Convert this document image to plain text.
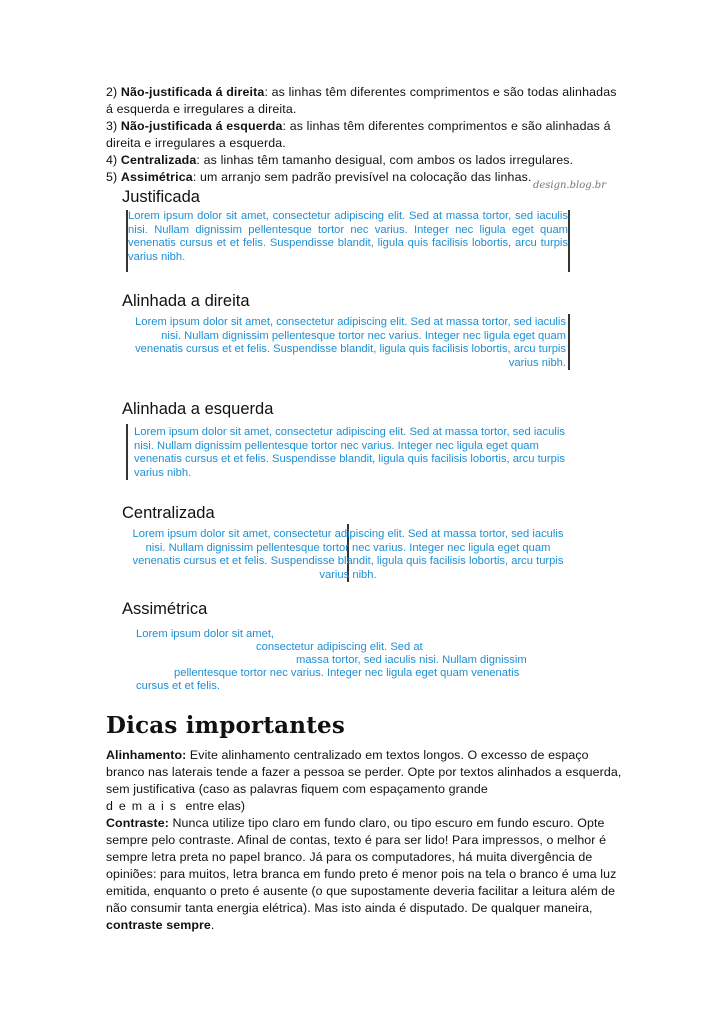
2) Não-justificada á direita: as linhas têm diferentes comprimentos e são todas alinhadas á esquerda e irregulares a direita.

3) Não-justificada á esquerda: as linhas têm diferentes comprimentos e são alinhadas á direita e irregulares a esquerda.

4) Centralizada: as linhas têm tamanho desigual, com ambos os lados irregulares.

5) Assimétrica: um arranjo sem padrão previsível na colocação das linhas.

design.blog.br
Justificada
Lorem ipsum dolor sit amet, consectetur adipiscing elit. Sed at massa tortor, sed iaculis nisi. Nullam dignissim pellentesque tortor nec varius. Integer nec ligula eget quam venenatis cursus et et felis. Suspendisse blandit, ligula quis facilisis lobortis, arcu turpis varius nibh.
Alinhada a direita
Lorem ipsum dolor sit amet, consectetur adipiscing elit. Sed at massa tortor, sed iaculis nisi. Nullam dignissim pellentesque tortor nec varius. Integer nec ligula eget quam venenatis cursus et et felis. Suspendisse blandit, ligula quis facilisis lobortis, arcu turpis varius nibh.
Alinhada a esquerda
Lorem ipsum dolor sit amet, consectetur adipiscing elit. Sed at massa tortor, sed iaculis nisi. Nullam dignissim pellentesque tortor nec varius. Integer nec ligula eget quam venenatis cursus et et felis. Suspendisse blandit, ligula quis facilisis lobortis, arcu turpis varius nibh.
Centralizada
Lorem ipsum dolor sit amet, consectetur adipiscing elit. Sed at massa tortor, sed iaculis nisi. Nullam dignissim pellentesque tortor nec varius. Integer nec ligula eget quam venenatis cursus et et felis. Suspendisse blandit, ligula quis facilisis lobortis, arcu turpis varius nibh.
Assimétrica
Lorem ipsum dolor sit amet,
consectetur adipiscing elit. Sed at
massa tortor, sed iaculis nisi. Nullam dignissim
pellentesque tortor nec varius. Integer nec ligula eget quam venenatis
cursus et et felis.
Dicas importantes

Alinhamento: Evite alinhamento centralizado em textos longos. O excesso de espaço branco nas laterais tende a fazer a pessoa se perder. Opte por textos alinhados a esquerda, sem justificativa (caso as palavras fiquem com espaçamento grande
demais entre elas)

Contraste: Nunca utilize tipo claro em fundo claro, ou tipo escuro em fundo escuro. Opte sempre pelo contraste. Afinal de contas, texto é para ser lido! Para impressos, o melhor é sempre letra preta no papel branco. Já para os computadores, há muita divergência de opiniões: para muitos, letra branca em fundo preto é menor pois na tela o branco é uma luz emitida, enquanto o preto é ausente (o que supostamente deveria facilitar a leitura além de não consumir tanta energia elétrica). Mas isto ainda é disputado. De qualquer maneira, contraste sempre.
